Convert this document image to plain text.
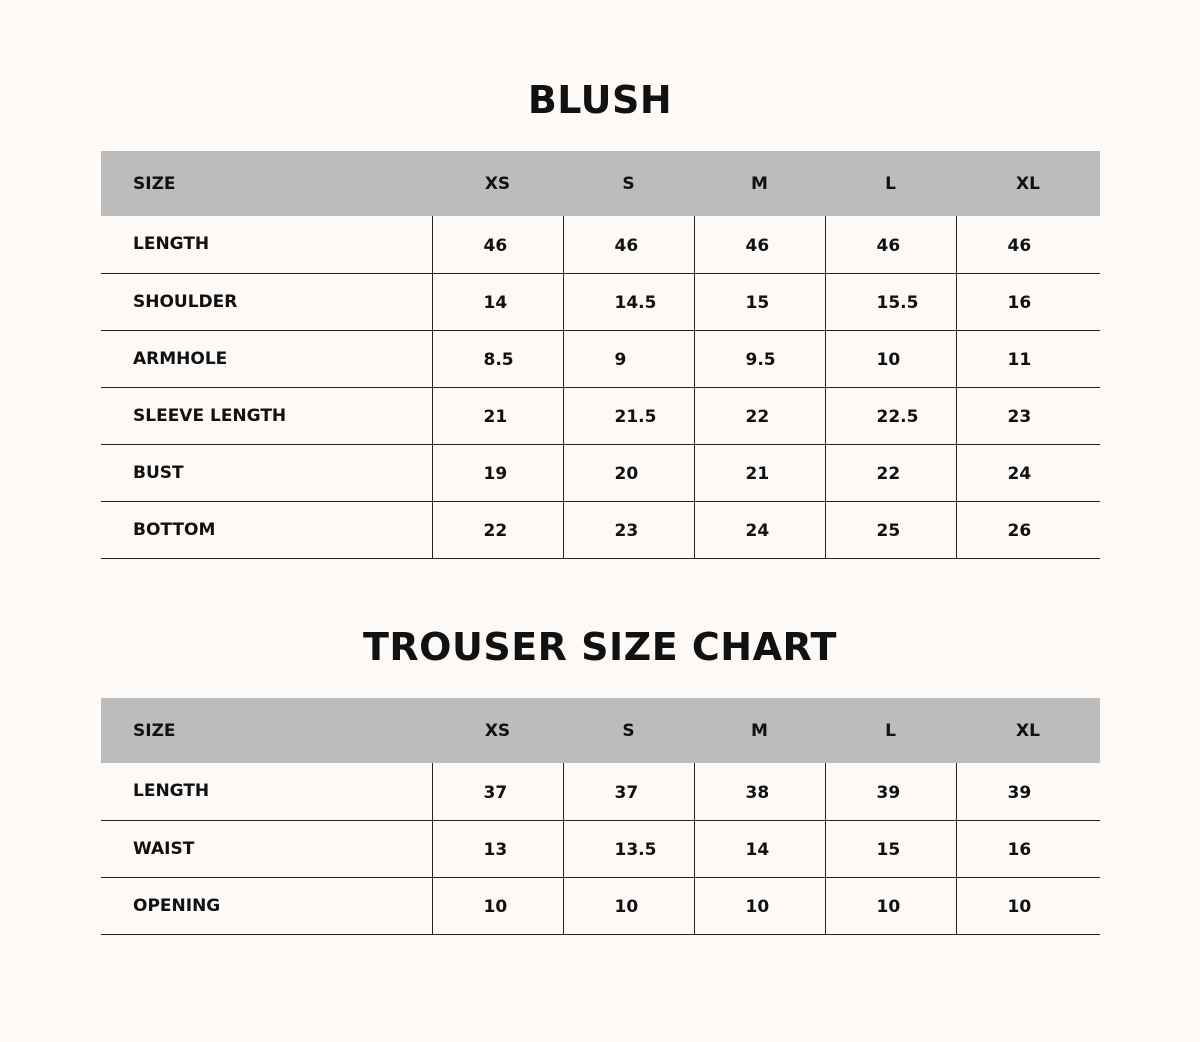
BLUSH
SIZE	XS	S	M	L	XL
LENGTH	46	46	46	46	46
SHOULDER	14	14.5	15	15.5	16
ARMHOLE	8.5	9	9.5	10	11
SLEEVE LENGTH	21	21.5	22	22.5	23
BUST	19	20	21	22	24
BOTTOM	22	23	24	25	26
TROUSER SIZE CHART
SIZE	XS	S	M	L	XL
LENGTH	37	37	38	39	39
WAIST	13	13.5	14	15	16
OPENING	10	10	10	10	10
